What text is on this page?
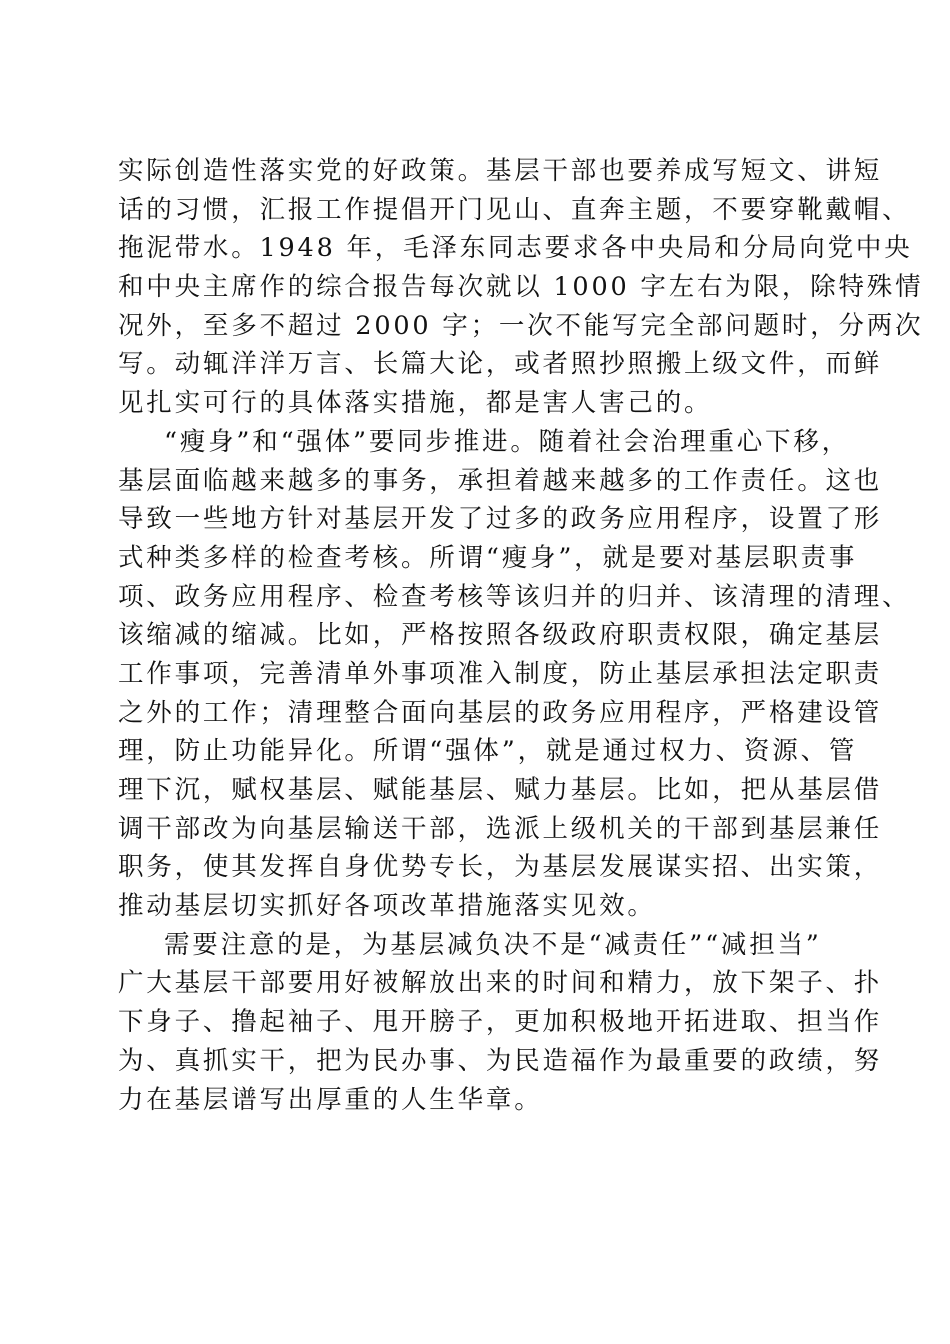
实际创造性落实党的好政策。基层干部也要养成写短文、讲短
话的习惯，汇报工作提倡开门见山、直奔主题，不要穿靴戴帽、
拖泥带水。1948 年，毛泽东同志要求各中央局和分局向党中央
和中央主席作的综合报告每次就以 1000 字左右为限，除特殊情
况外，至多不超过 2000 字；一次不能写完全部问题时，分两次
写。动辄洋洋万言、长篇大论，或者照抄照搬上级文件，而鲜
见扎实可行的具体落实措施，都是害人害己的。
“瘦身”和“强体”要同步推进。随着社会治理重心下移，
基层面临越来越多的事务，承担着越来越多的工作责任。这也
导致一些地方针对基层开发了过多的政务应用程序，设置了形
式种类多样的检查考核。所谓“瘦身”，就是要对基层职责事
项、政务应用程序、检查考核等该归并的归并、该清理的清理、
该缩减的缩减。比如，严格按照各级政府职责权限，确定基层
工作事项，完善清单外事项准入制度，防止基层承担法定职责
之外的工作；清理整合面向基层的政务应用程序，严格建设管
理，防止功能异化。所谓“强体”，就是通过权力、资源、管
理下沉，赋权基层、赋能基层、赋力基层。比如，把从基层借
调干部改为向基层输送干部，选派上级机关的干部到基层兼任
职务，使其发挥自身优势专长，为基层发展谋实招、出实策，
推动基层切实抓好各项改革措施落实见效。
需要注意的是，为基层减负决不是“减责任”“减担当”
广大基层干部要用好被解放出来的时间和精力，放下架子、扑
下身子、撸起袖子、甩开膀子，更加积极地开拓进取、担当作
为、真抓实干，把为民办事、为民造福作为最重要的政绩，努
力在基层谱写出厚重的人生华章。
